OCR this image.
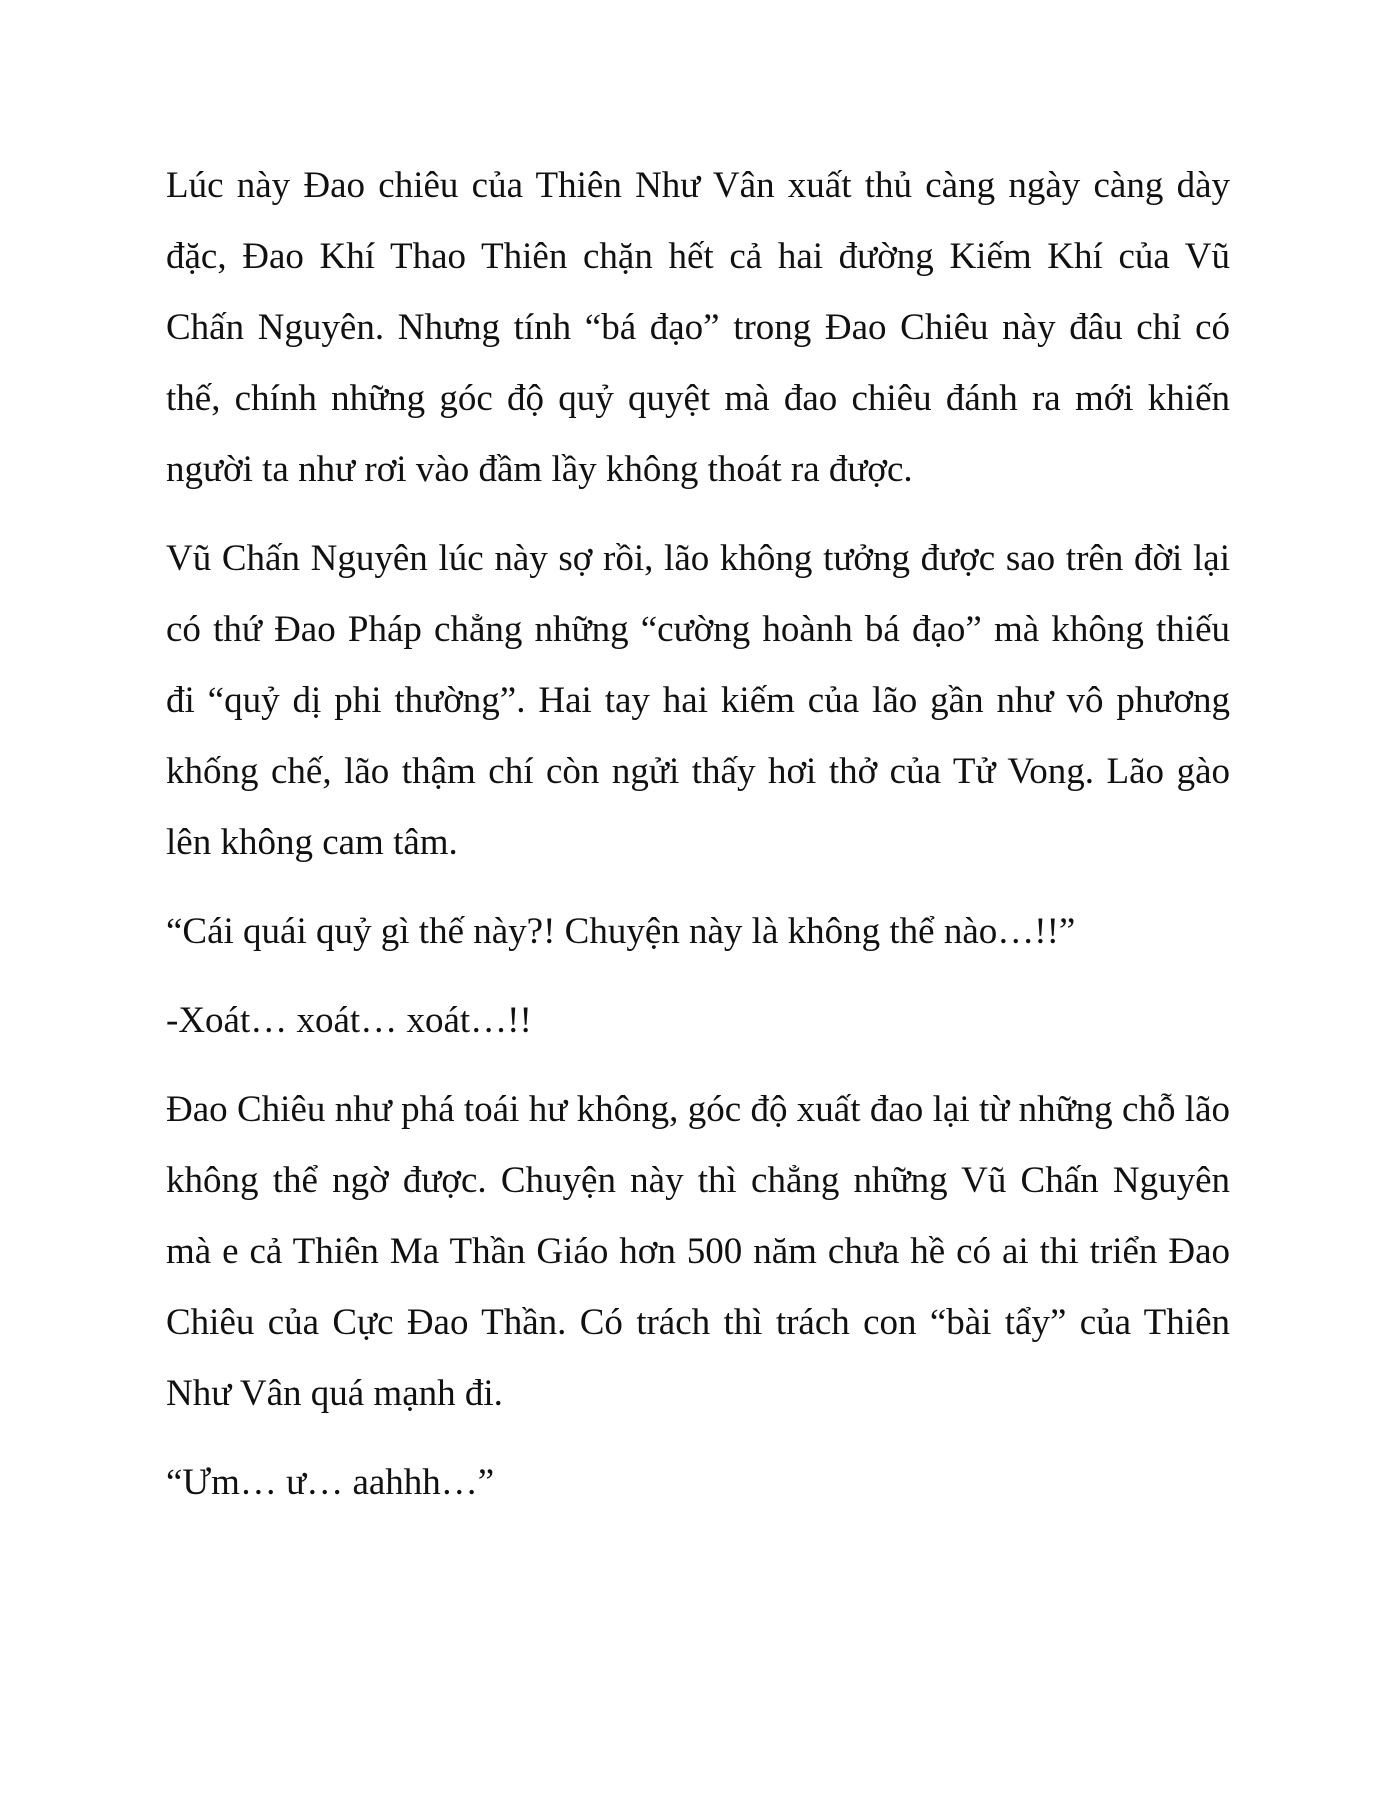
Lúc này Đao chiêu của Thiên Như Vân xuất thủ càng ngày càng dày đặc, Đao Khí Thao Thiên chặn hết cả hai đường Kiếm Khí của Vũ Chấn Nguyên. Nhưng tính “bá đạo” trong Đao Chiêu này đâu chỉ có thế, chính những góc độ quỷ quyệt mà đao chiêu đánh ra mới khiến người ta như rơi vào đầm lầy không thoát ra được.

Vũ Chấn Nguyên lúc này sợ rồi, lão không tưởng được sao trên đời lại có thứ Đao Pháp chẳng những “cường hoành bá đạo” mà không thiếu đi “quỷ dị phi thường”. Hai tay hai kiếm của lão gần như vô phương khống chế, lão thậm chí còn ngửi thấy hơi thở của Tử Vong. Lão gào lên không cam tâm.

“Cái quái quỷ gì thế này?! Chuyện này là không thể nào…!!”

-Xoát… xoát… xoát…!!

Đao Chiêu như phá toái hư không, góc độ xuất đao lại từ những chỗ lão không thể ngờ được. Chuyện này thì chẳng những Vũ Chấn Nguyên mà e cả Thiên Ma Thần Giáo hơn 500 năm chưa hề có ai thi triển Đao Chiêu của Cực Đao Thần. Có trách thì trách con “bài tẩy” của Thiên Như Vân quá mạnh đi.

“Ưm… ư… aahhh…”
